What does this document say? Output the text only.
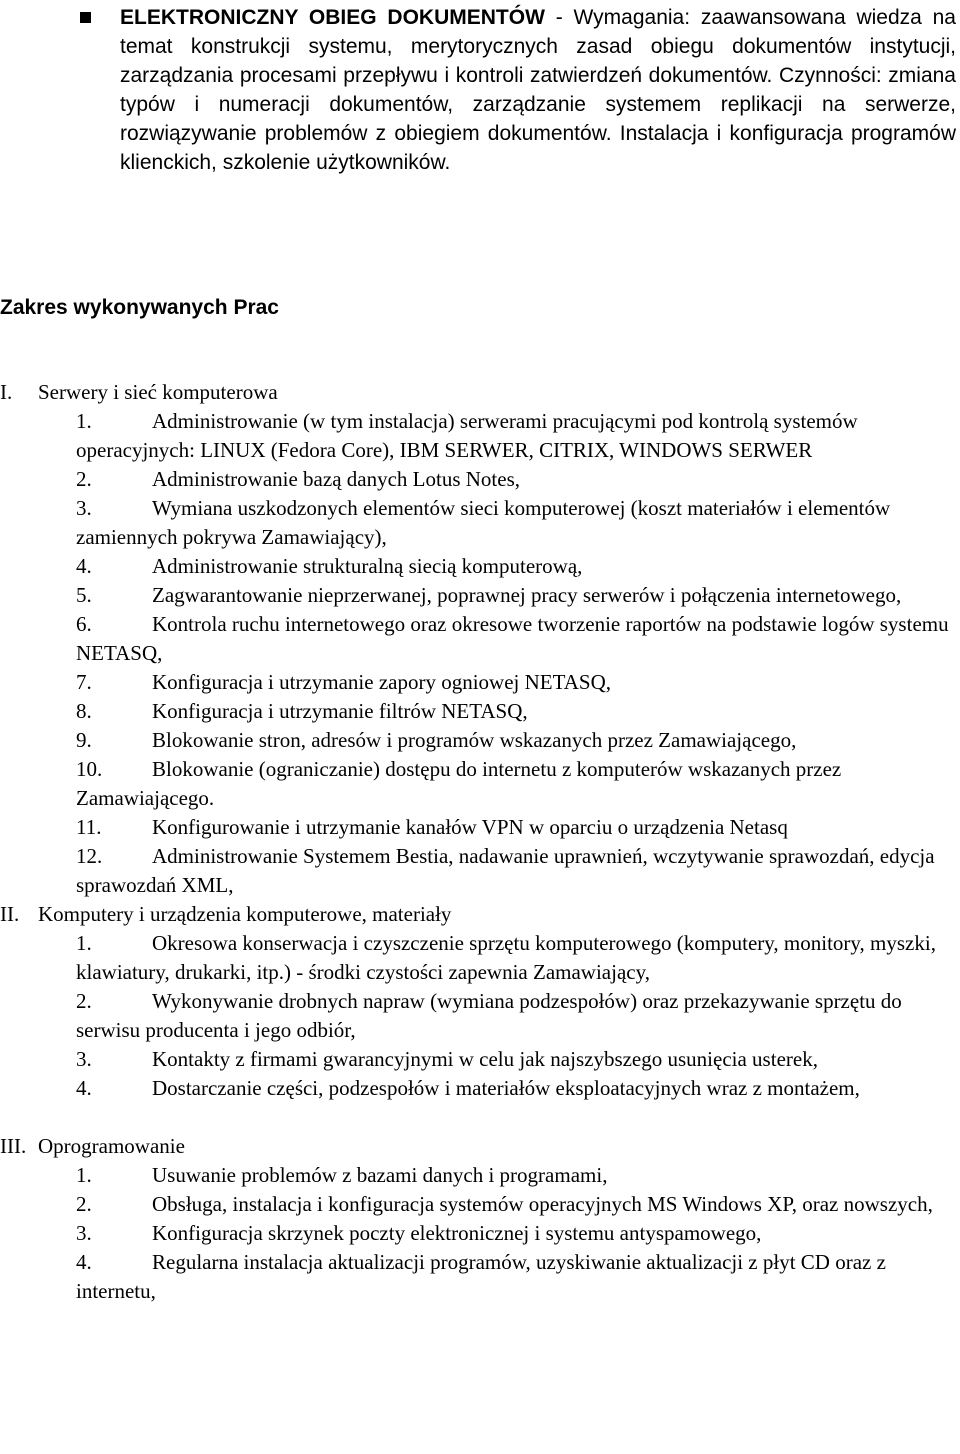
ELEKTRONICZNY OBIEG DOKUMENTÓW - Wymagania: zaawansowana wiedza na temat konstrukcji systemu, merytorycznych zasad obiegu dokumentów instytucji, zarządzania procesami przepływu i kontroli zatwierdzeń dokumentów. Czynności: zmiana typów i numeracji dokumentów, zarządzanie systemem replikacji na serwerze, rozwiązywanie problemów z obiegiem dokumentów. Instalacja i konfiguracja programów klienckich, szkolenie użytkowników.
Zakres wykonywanych Prac
I.	Serwery i sieć komputerowa
1.	Administrowanie (w tym instalacja) serwerami pracującymi pod kontrolą systemów operacyjnych: LINUX (Fedora Core), IBM SERWER, CITRIX, WINDOWS SERWER
2.	Administrowanie bazą danych Lotus Notes,
3.	Wymiana uszkodzonych elementów sieci komputerowej (koszt materiałów i elementów zamiennych pokrywa Zamawiający),
4.	Administrowanie strukturalną siecią komputerową,
5.	Zagwarantowanie nieprzerwanej, poprawnej pracy serwerów i połączenia internetowego,
6.	Kontrola ruchu internetowego oraz okresowe tworzenie raportów na podstawie logów systemu NETASQ,
7.	Konfiguracja i utrzymanie zapory ogniowej NETASQ,
8.	Konfiguracja i utrzymanie filtrów NETASQ,
9.	Blokowanie stron, adresów i programów wskazanych przez Zamawiającego,
10.	Blokowanie (ograniczanie) dostępu do internetu z komputerów wskazanych przez Zamawiającego.
11.	Konfigurowanie i utrzymanie kanałów VPN w oparciu o urządzenia Netasq
12.	Administrowanie Systemem Bestia, nadawanie uprawnień, wczytywanie sprawozdań, edycja sprawozdań XML,
II. Komputery i urządzenia komputerowe, materiały
1.	Okresowa konserwacja i czyszczenie sprzętu komputerowego (komputery, monitory, myszki, klawiatury, drukarki, itp.) - środki czystości zapewnia Zamawiający,
2.	Wykonywanie drobnych napraw (wymiana podzespołów) oraz przekazywanie sprzętu do serwisu producenta i jego odbiór,
3.	Kontakty z firmami gwarancyjnymi w celu jak najszybszego usunięcia usterek,
4.	Dostarczanie części, podzespołów i materiałów eksploatacyjnych wraz z montażem,
III. Oprogramowanie
1.	Usuwanie problemów z bazami danych i programami,
2.	Obsługa, instalacja i konfiguracja systemów operacyjnych MS Windows XP, oraz nowszych,
3.	Konfiguracja skrzynek poczty elektronicznej i systemu antyspamowego,
4.	Regularna instalacja aktualizacji programów, uzyskiwanie aktualizacji z płyt CD oraz z internetu,
